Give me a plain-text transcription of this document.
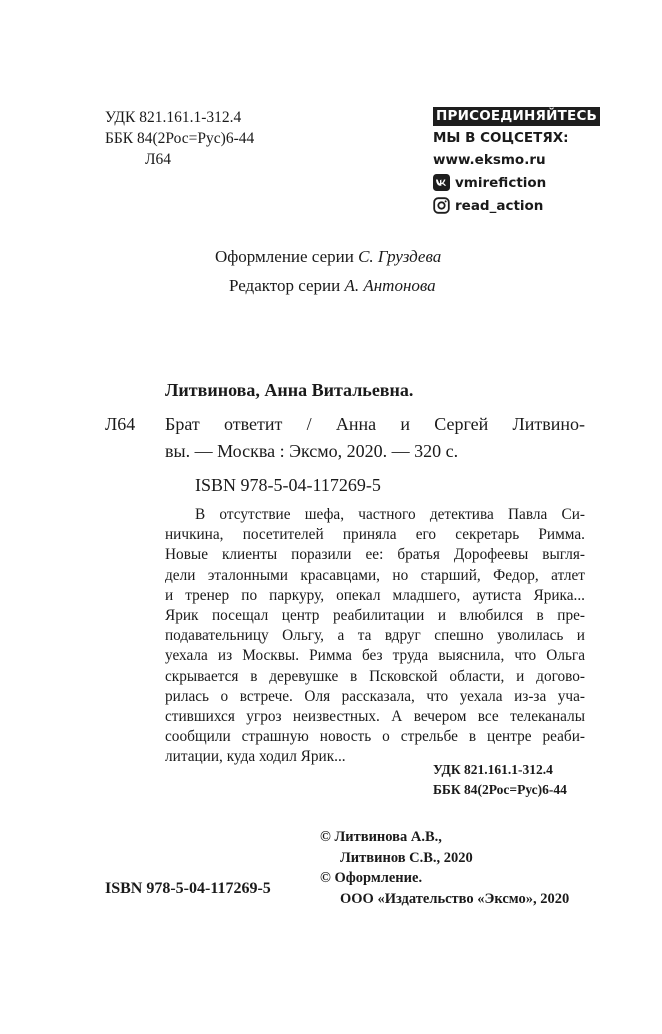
УДК 821.161.1-312.4
ББК 84(2Рос=Рус)6-44
Л64
ПРИСОЕДИНЯЙТЕСЬ
МЫ В СОЦСЕТЯХ:
www.eksmo.ru
vmirefiction
read_action
Оформление серии С. Груздева
Редактор серии А. Антонова
Литвинова, Анна Витальевна.
Л64 Брат ответит / Анна и Сергей Литвино-
вы. — Москва : Эксмо, 2020. — 320 с.
ISBN 978-5-04-117269-5
В отсутствие шефа, частного детектива Павла Си-
ничкина, посетителей приняла его секретарь Римма.
Новые клиенты поразили ее: братья Дорофеевы выгля-
дели эталонными красавцами, но старший, Федор, атлет
и тренер по паркуру, опекал младшего, аутиста Ярика...
Ярик посещал центр реабилитации и влюбился в пре-
подавательницу Ольгу, а та вдруг спешно уволилась и
уехала из Москвы. Римма без труда выяснила, что Ольга
скрывается в деревушке в Псковской области, и догово-
рилась о встрече. Оля рассказала, что уехала из-за уча-
стившихся угроз неизвестных. А вечером все телеканалы
сообщили страшную новость о стрельбе в центре реаби-
литации, куда ходил Ярик...
УДК 821.161.1-312.4
ББК 84(2Рос=Рус)6-44
© Литвинова А.В.,
Литвинов С.В., 2020
© Оформление.
ООО «Издательство «Эксмо», 2020
ISBN 978-5-04-117269-5
